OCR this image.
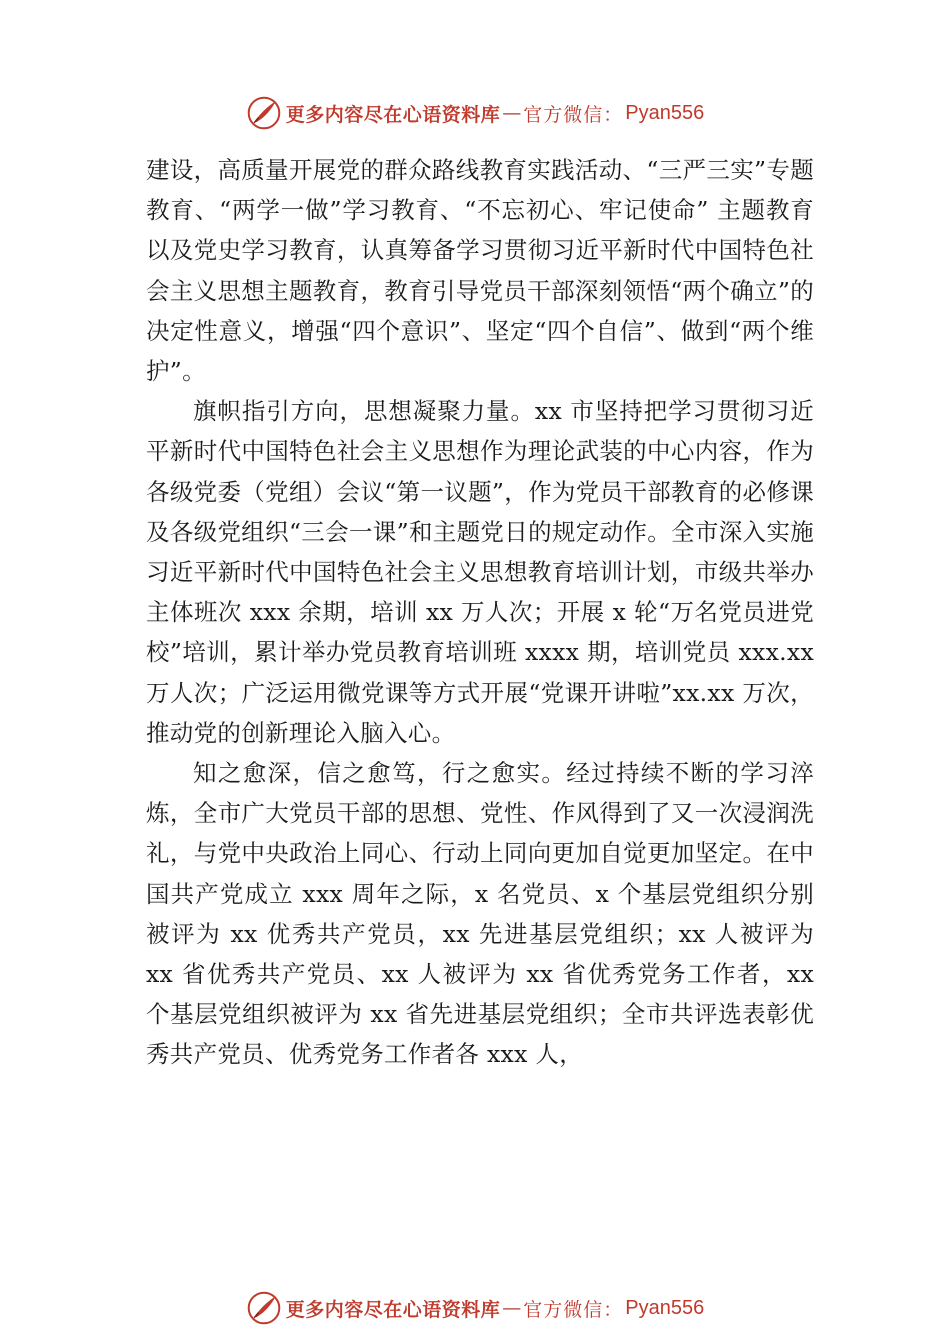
更多内容尽在心语资料库 — 官方微信： Pyan556

建设，高质量开展党的群众路线教育实践活动、“三严三实”专题教育、“两学一做”学习教育、“不忘初心、牢记使命” 主题教育以及党史学习教育，认真筹备学习贯彻习近平新时代中国特色社会主义思想主题教育，教育引导党员干部深刻领悟“两个确立”的决定性意义，增强“四个意识”、坚定“四个自信”、做到“两个维护”。

旗帜指引方向，思想凝聚力量。xx 市坚持把学习贯彻习近平新时代中国特色社会主义思想作为理论武装的中心内容，作为各级党委（党组）会议“第一议题”，作为党员干部教育的必修课及各级党组织“三会一课”和主题党日的规定动作。全市深入实施习近平新时代中国特色社会主义思想教育培训计划，市级共举办主体班次 xxx 余期，培训 xx 万人次；开展 x 轮“万名党员进党校”培训，累计举办党员教育培训班 xxxx 期，培训党员 xxx.xx 万人次；广泛运用微党课等方式开展“党课开讲啦”xx.xx 万次，推动党的创新理论入脑入心。

知之愈深，信之愈笃，行之愈实。经过持续不断的学习淬炼，全市广大党员干部的思想、党性、作风得到了又一次浸润洗礼，与党中央政治上同心、行动上同向更加自觉更加坚定。在中国共产党成立 xxx 周年之际，x 名党员、x 个基层党组织分别被评为 xx 优秀共产党员，xx 先进基层党组织；xx 人被评为 xx 省优秀共产党员、xx 人被评为 xx 省优秀党务工作者，xx 个基层党组织被评为 xx 省先进基层党组织；全市共评选表彰优秀共产党员、优秀党务工作者各 xxx 人，

更多内容尽在心语资料库 — 官方微信： Pyan556
